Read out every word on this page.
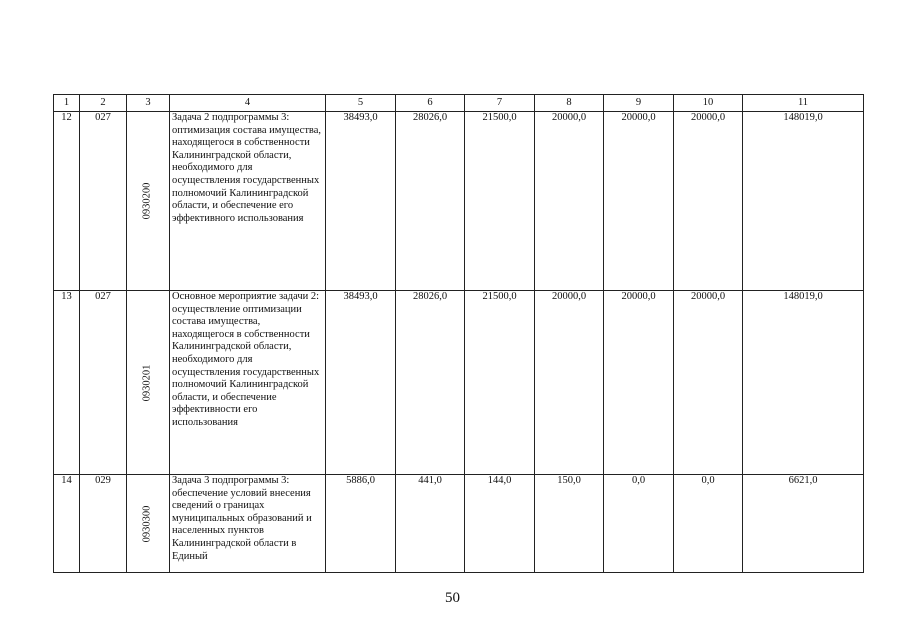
1	2	3	4	5	6	7	8	9	10	11
12	027	0930200	Задача 2 подпрограммы 3: оптимизация состава имущества, находящегося в собственности Калининградской области, необходимого для осуществления государственных полномочий Калининградской области, и обеспечение его эффективного использования	38493,0	28026,0	21500,0	20000,0	20000,0	20000,0	148019,0
13	027	0930201	Основное мероприятие задачи 2: осуществление оптимизации состава имущества, находящегося в собственности Калининградской области, необходимого для осуществления государственных полномочий Калининградской области, и обеспечение эффективности его использования	38493,0	28026,0	21500,0	20000,0	20000,0	20000,0	148019,0
14	029	0930300	Задача 3 подпрограммы 3: обеспечение условий внесения сведений о границах муниципальных образований и населенных пунктов Калининградской области в Единый	5886,0	441,0	144,0	150,0	0,0	0,0	6621,0
50
